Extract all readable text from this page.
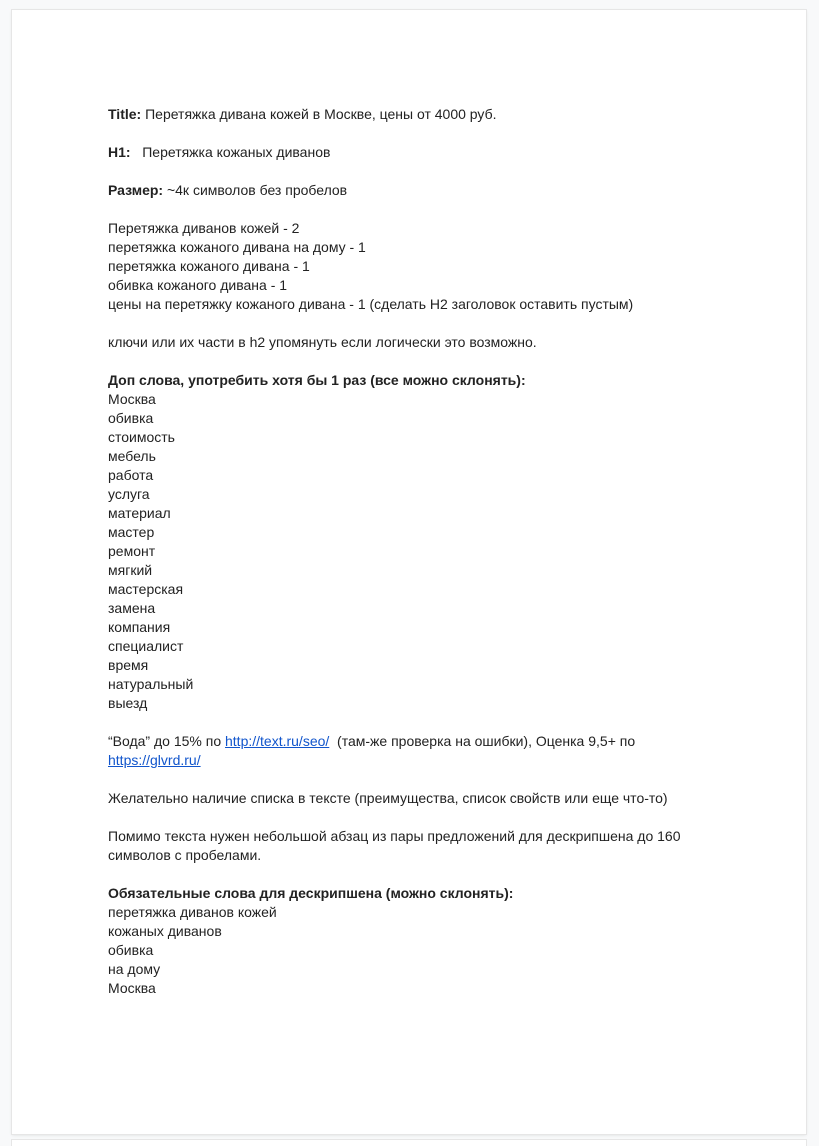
Title: Перетяжка дивана кожей в Москве, цены от 4000 руб.
H1:   Перетяжка кожаных диванов
Размер: ~4к символов без пробелов
Перетяжка диванов кожей - 2
перетяжка кожаного дивана на дому - 1
перетяжка кожаного дивана - 1
обивка кожаного дивана - 1
цены на перетяжку кожаного дивана - 1 (сделать Н2 заголовок оставить пустым)
ключи или их части в h2 упомянуть если логически это возможно.
Доп слова, употребить хотя бы 1 раз (все можно склонять):
Москва
обивка
стоимость
мебель
работа
услуга
материал
мастер
ремонт
мягкий
мастерская
замена
компания
специалист
время
натуральный
выезд
“Вода” до 15% по http://text.ru/seo/  (там-же проверка на ошибки), Оценка 9,5+ по
https://glvrd.ru/
Желательно наличие списка в тексте (преимущества, список свойств или еще что-то)
Помимо текста нужен небольшой абзац из пары предложений для дескрипшена до 160
символов с пробелами.
Обязательные слова для дескрипшена (можно склонять):
перетяжка диванов кожей
кожаных диванов
обивка
на дому
Москва
